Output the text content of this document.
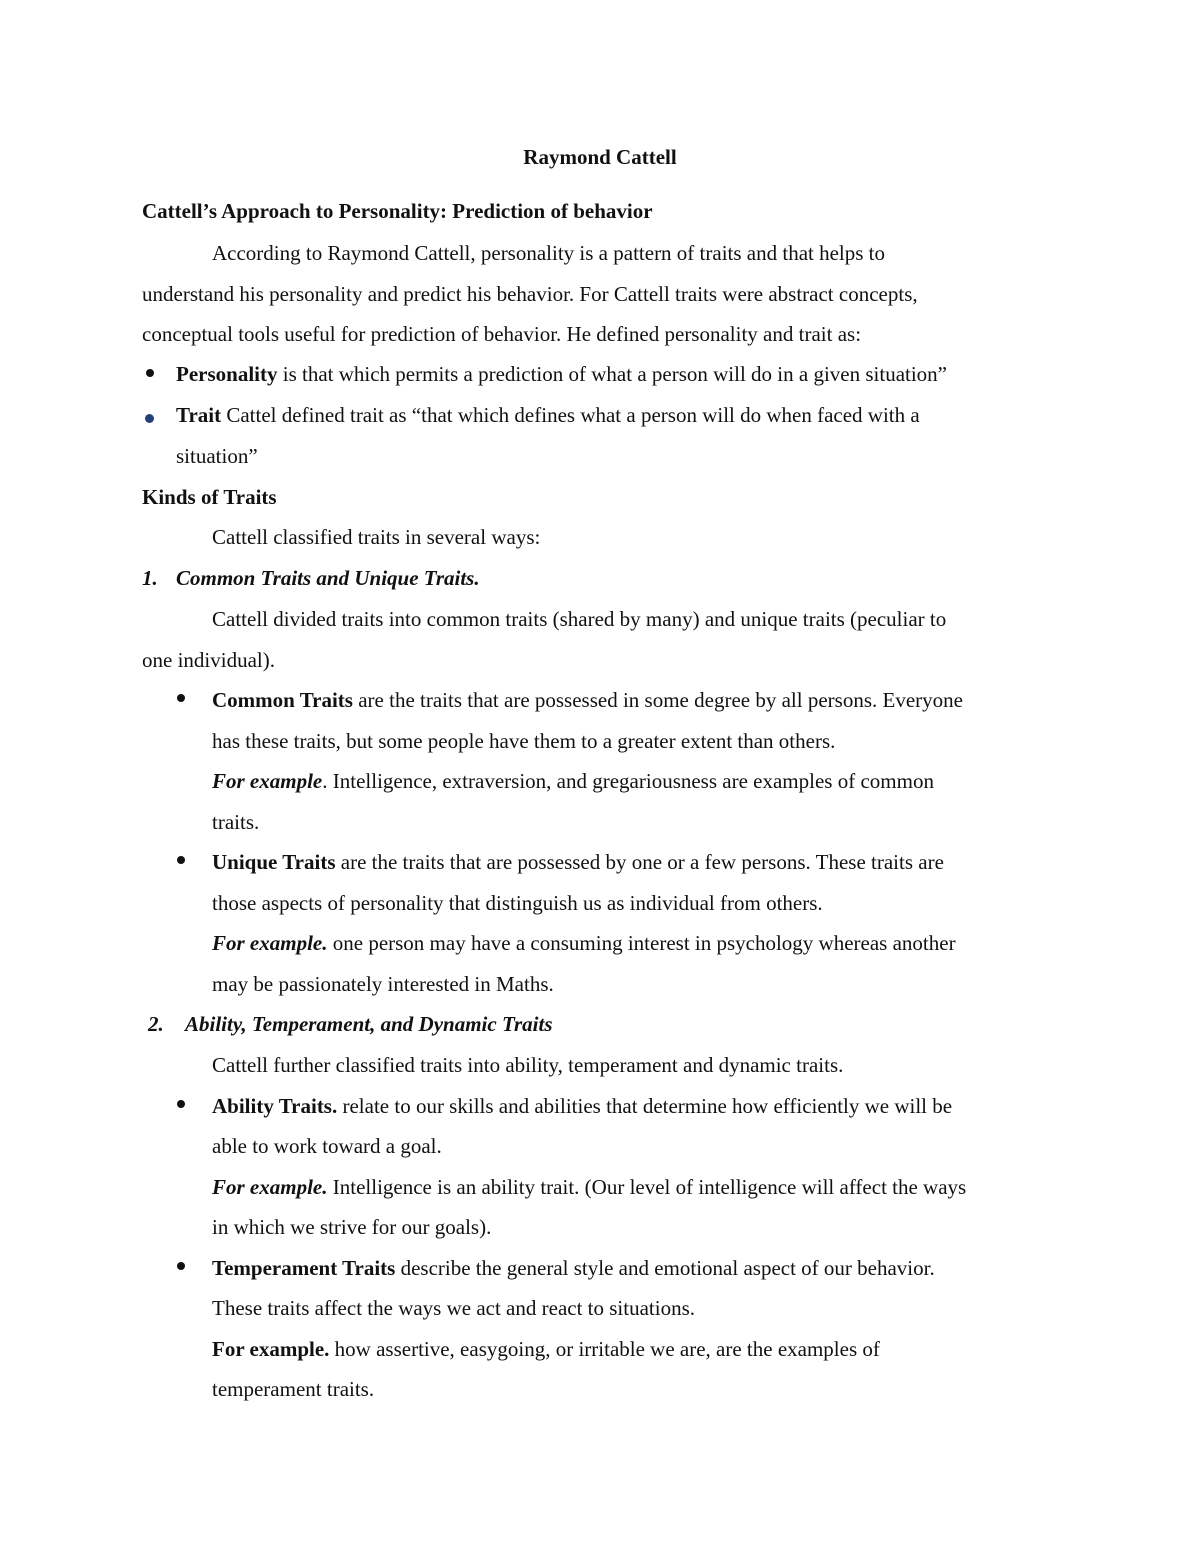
Raymond Cattell
Cattell’s Approach to Personality: Prediction of behavior
According to Raymond Cattell, personality is a pattern of traits and that helps to
understand his personality and predict his behavior. For Cattell traits were abstract concepts,
conceptual tools useful for prediction of behavior. He defined personality and trait as:
Personality is that which permits a prediction of what a person will do in a given situation”
Trait Cattel defined trait as “that which defines what a person will do when faced with a
situation”
Kinds of Traits
Cattell classified traits in several ways:
1. Common Traits and Unique Traits.
Cattell divided traits into common traits (shared by many) and unique traits (peculiar to
one individual).
Common Traits are the traits that are possessed in some degree by all persons. Everyone
has these traits, but some people have them to a greater extent than others.
For example. Intelligence, extraversion, and gregariousness are examples of common
traits.
Unique Traits are the traits that are possessed by one or a few persons. These traits are
those aspects of personality that distinguish us as individual from others.
For example. one person may have a consuming interest in psychology whereas another
may be passionately interested in Maths.
2. Ability, Temperament, and Dynamic Traits
Cattell further classified traits into ability, temperament and dynamic traits.
Ability Traits. relate to our skills and abilities that determine how efficiently we will be
able to work toward a goal.
For example. Intelligence is an ability trait. (Our level of intelligence will affect the ways
in which we strive for our goals).
Temperament Traits describe the general style and emotional aspect of our behavior.
These traits affect the ways we act and react to situations.
For example. how assertive, easygoing, or irritable we are, are the examples of
temperament traits.
